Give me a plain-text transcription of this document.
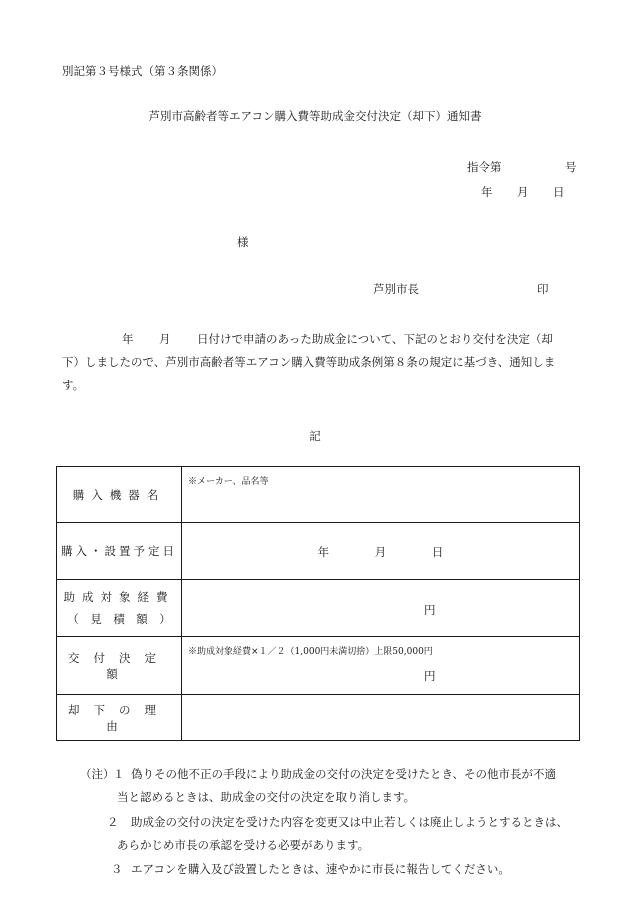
別記第３号様式（第３条関係）
芦別市高齢者等エアコン購入費等助成金交付決定（却下）通知書
指令第	号
年 月 日
様
芦別市長	印
年 月 日付けで申請のあった助成金について、下記のとおり交付を決定（却
下）しましたので、芦別市高齢者等エアコン購入費等助成条例第８条の規定に基づき、通知しま
す。
記
購入機器名	※メーカー、品名等

購入・設置予定日	年 月 日

助成対象経費
（　見　積　額　）	円

交付決定額	※助成対象経費×１／２（1,000円未満切捨）上限50,000円
円

却下の理由	
（注）
１ 偽りその他不正の手段により助成金の交付の決定を受けたとき、その他市長が不適
当と認めるときは、助成金の交付の決定を取り消します。
２ 助成金の交付の決定を受けた内容を変更又は中止若しくは廃止しようとするときは、
あらかじめ市長の承認を受ける必要があります。
３ エアコンを購入及び設置したときは、速やかに市長に報告してください。
